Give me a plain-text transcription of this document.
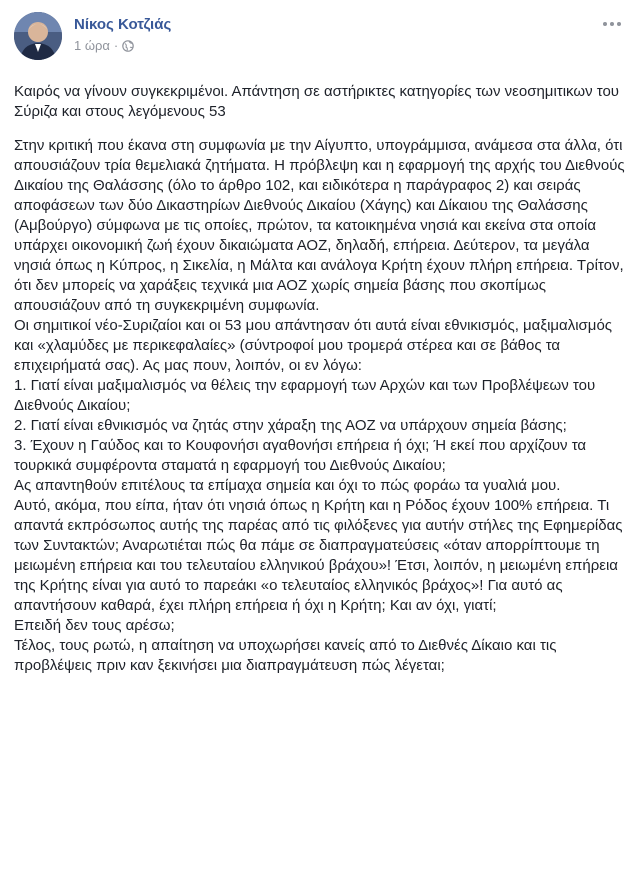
Νίκος Κοτζιάς
1 ώρα ·
Καιρός να γίνουν συγκεκριμένοι. Απάντηση σε αστήρικτες κατηγορίες των νεοσημιτικων του Σύριζα και στους λεγόμενους 53

Στην κριτική που έκανα στη συμφωνία με την Αίγυπτο, υπογράμμισα, ανάμεσα στα άλλα, ότι απουσιάζουν τρία θεμελιακά ζητήματα. Η πρόβλεψη και η εφαρμογή της αρχής του Διεθνούς Δικαίου της Θαλάσσης (όλο το άρθρο 102, και ειδικότερα η παράγραφος 2) και σειράς αποφάσεων των δύο Δικαστηρίων Διεθνούς Δικαίου (Χάγης) και Δίκαιου της Θαλάσσης (Αμβούργο) σύμφωνα με τις οποίες, πρώτον, τα κατοικημένα νησιά και εκείνα στα οποία υπάρχει οικονομική ζωή έχουν δικαιώματα ΑΟΖ, δηλαδή, επήρεια. Δεύτερον, τα μεγάλα νησιά όπως η Κύπρος, η Σικελία, η Μάλτα και ανάλογα Κρήτη έχουν πλήρη επήρεια. Τρίτον, ότι δεν μπορείς να χαράξεις τεχνικά μια ΑΟΖ χωρίς σημεία βάσης που σκοπίμως απουσιάζουν από τη συγκεκριμένη συμφωνία.

Οι σημιτικοί νέο-Συριζαίοι και οι 53 μου απάντησαν ότι αυτά είναι εθνικισμός, μαξιμαλισμός και «χλαμύδες με περικεφαλαίες» (σύντροφοί μου τρομερά στέρεα και σε βάθος τα επιχειρήματά σας). Ας μας πουν, λοιπόν, οι εν λόγω:

1. Γιατί είναι μαξιμαλισμός να θέλεις την εφαρμογή των Αρχών και των Προβλέψεων του Διεθνούς Δικαίου;

2. Γιατί είναι εθνικισμός να ζητάς στην χάραξη της ΑΟΖ να υπάρχουν σημεία βάσης;

3. Έχουν η Γαύδος και το Κουφονήσι αγαθονήσι επήρεια ή όχι; Ή εκεί που αρχίζουν τα τουρκικά συμφέροντα σταματά η εφαρμογή του Διεθνούς Δικαίου;

Ας απαντηθούν επιτέλους τα επίμαχα σημεία και όχι το πώς φοράω τα γυαλιά μου.

Αυτό, ακόμα, που είπα, ήταν ότι νησιά όπως η Κρήτη και η Ρόδος έχουν 100% επήρεια. Τι απαντά εκπρόσωπος αυτής της παρέας από τις φιλόξενες για αυτήν στήλες της Εφημερίδας των Συντακτών; Αναρωτιέται πώς θα πάμε σε διαπραγματεύσεις «όταν απορρίπτουμε τη μειωμένη επήρεια και του τελευταίου ελληνικού βράχου»! Έτσι, λοιπόν, η μειωμένη επήρεια της Κρήτης είναι για αυτό το παρεάκι «ο τελευταίος ελληνικός βράχος»! Για αυτό ας απαντήσουν καθαρά, έχει πλήρη επήρεια ή όχι η Κρήτη; Και αν όχι, γιατί;

Επειδή δεν τους αρέσω;

Τέλος, τους ρωτώ, η απαίτηση να υποχωρήσει κανείς από το Διεθνές Δίκαιο και τις προβλέψεις πριν καν ξεκινήσει μια διαπραγμάτευση πώς λέγεται;
